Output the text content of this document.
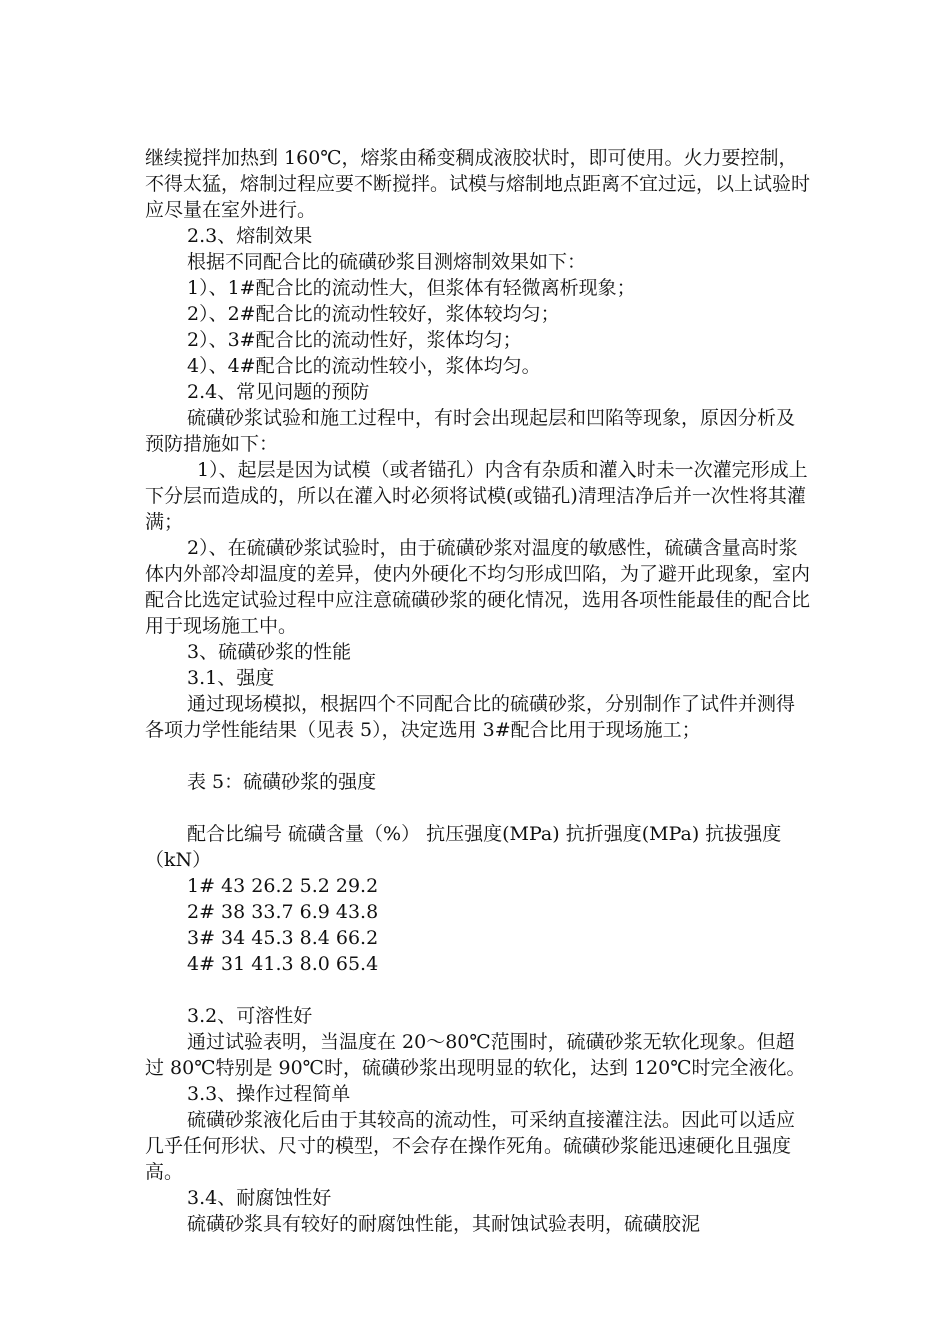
继续搅拌加热到 160℃，熔浆由稀变稠成液胶状时，即可使用。火力要控制，不得太猛，熔制过程应要不断搅拌。试模与熔制地点距离不宜过远，以上试验时应尽量在室外进行。

2.3、熔制效果

根据不同配合比的硫磺砂浆目测熔制效果如下：

1）、1#配合比的流动性大，但浆体有轻微离析现象；

2）、2#配合比的流动性较好，浆体较均匀；

2）、3#配合比的流动性好，浆体均匀；

4）、4#配合比的流动性较小，浆体均匀。

2.4、常见问题的预防

硫磺砂浆试验和施工过程中，有时会出现起层和凹陷等现象，原因分析及预防措施如下：

1）、起层是因为试模（或者锚孔）内含有杂质和灌入时未一次灌完形成上下分层而造成的，所以在灌入时必须将试模(或锚孔)清理洁净后并一次性将其灌满；

2）、在硫磺砂浆试验时，由于硫磺砂浆对温度的敏感性，硫磺含量高时浆体内外部冷却温度的差异，使内外硬化不均匀形成凹陷，为了避开此现象，室内配合比选定试验过程中应注意硫磺砂浆的硬化情况，选用各项性能最佳的配合比用于现场施工中。

3、硫磺砂浆的性能

3.1、强度

通过现场模拟，根据四个不同配合比的硫磺砂浆，分别制作了试件并测得各项力学性能结果（见表 5），决定选用 3#配合比用于现场施工；

表 5：硫磺砂浆的强度

配合比编号 硫磺含量（%） 抗压强度(MPa) 抗折强度(MPa) 抗拔强度（kN）

1# 43 26.2 5.2 29.2

2# 38 33.7 6.9 43.8

3# 34 45.3 8.4 66.2

4# 31 41.3 8.0 65.4

3.2、可溶性好

通过试验表明，当温度在 20～80℃范围时，硫磺砂浆无软化现象。但超过 80℃特别是 90℃时，硫磺砂浆出现明显的软化，达到 120℃时完全液化。

3.3、操作过程简单

硫磺砂浆液化后由于其较高的流动性，可采纳直接灌注法。因此可以适应几乎任何形状、尺寸的模型，不会存在操作死角。硫磺砂浆能迅速硬化且强度高。

3.4、耐腐蚀性好

硫磺砂浆具有较好的耐腐蚀性能，其耐蚀试验表明，硫磺胶泥
